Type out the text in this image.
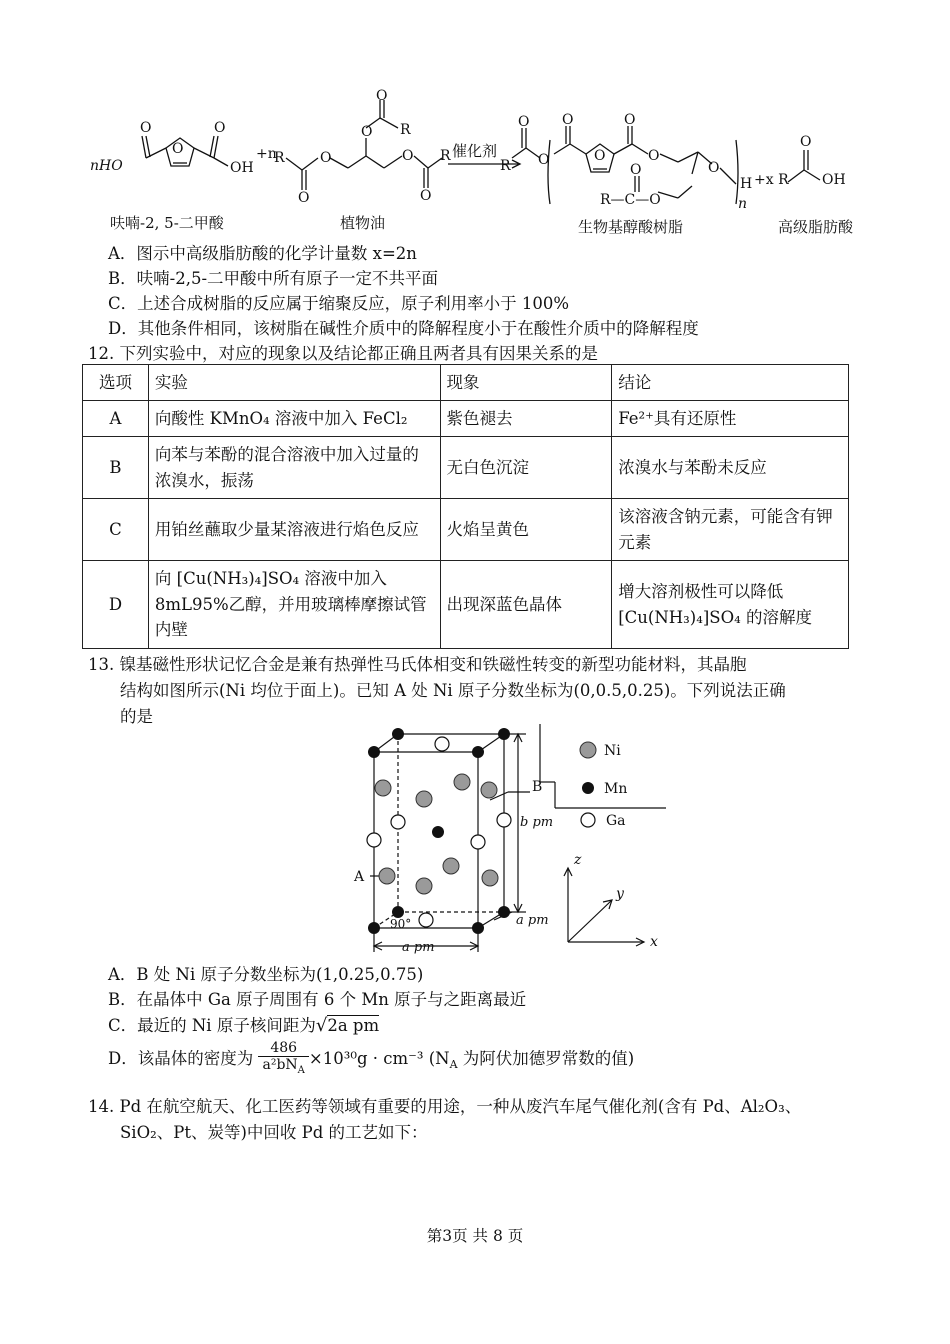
O
O	O
nHO	OH
+n
R	O
O
O
O
R
O
O
R 催化剂
R
O
O
O
O
O
O
O
O
R—C—O
H
n
+x R
O
OH
呋喃-2, 5-二甲酸	植物油	生物基醇酸树脂	高级脂肪酸
A．图示中高级脂肪酸的化学计量数 x=2n
B．呋喃-2,5-二甲酸中所有原子一定不共平面
C．上述合成树脂的反应属于缩聚反应，原子利用率小于 100%
D．其他条件相同，该树脂在碱性介质中的降解程度小于在酸性介质中的降解程度
12. 下列实验中，对应的现象以及结论都正确且两者具有因果关系的是
选项	实验	现象	结论
A	向酸性 KMnO₄ 溶液中加入 FeCl₂	紫色褪去	Fe²⁺具有还原性
B	向苯与苯酚的混合溶液中加入过量的浓溴水，振荡	无白色沉淀	浓溴水与苯酚未反应
C	用铂丝蘸取少量某溶液进行焰色反应	火焰呈黄色	该溶液含钠元素，可能含有钾元素
D	向 [Cu(NH₃)₄]SO₄ 溶液中加入 8mL95%乙醇，并用玻璃棒摩擦试管内壁	出现深蓝色晶体	增大溶剂极性可以降低 [Cu(NH₃)₄]SO₄ 的溶解度
13. 镍基磁性形状记忆合金是兼有热弹性马氏体相变和铁磁性转变的新型功能材料，其晶胞
结构如图所示(Ni 均位于面上)。已知 A 处 Ni 原子分数坐标为(0,0.5,0.25)。下列说法正确
的是
Ni
Mn
Ga
B
A
b pm
a pm
a pm
90°
z
y
x
A．B 处 Ni 原子分数坐标为(1,0.25,0.75)
B．在晶体中 Ga 原子周围有 6 个 Mn 原子与之距离最近
C．最近的 Ni 原子核间距为√2a pm
D．该晶体的密度为 $\frac{486}{a^2bN_A} \times 10^{30}g \cdot cm^{-3}$ ($N_A$ 为阿伏加德罗常数的值)
14. Pd 在航空航天、化工医药等领域有重要的用途，一种从废汽车尾气催化剂(含有 Pd、Al₂O₃、
SiO₂、Pt、炭等)中回收 Pd 的工艺如下：
第3页 共 8 页
